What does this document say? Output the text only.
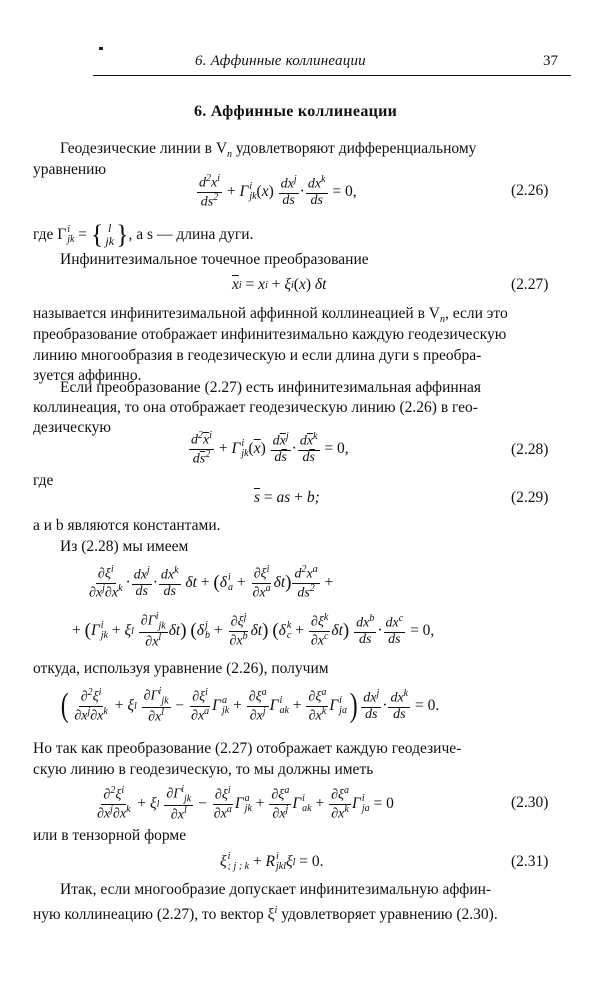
6. Аффинные коллинеации	37
6. Аффинные коллинеации
Геодезические линии в $V_n$ удовлетворяют дифференциальному
уравнению
$d^2x^i$
$ds^2 + \Gamma$ i
jk ( x )
$dx^j$
ds
· $dx^k$
ds
= 0,	(2.26)
где Γ i
jk = { l
jk } , а s — длина дуги.
Инфинитезимальное точечное преобразование
$\overline{x}$ i = x i + ξ i ( x ) δt	(2.27)
называется инфинитезимальной аффинной коллинеацией в $V_n$, если это
преобразование отображает инфинитезимально каждую геодезическую
линию многообразия в геодезическую и если длина дуги s преобра-
зуется аффинно.
Если преобразование (2.27) есть инфинитезимальная аффинная
коллинеация, то она отображает геодезическую линию (2.26) в гео-
дезическую
$d^2\overline{x}^i$
$d\overline{s}^2 + \Gamma$ i
jk ( $\overline{x}$ )
$d\overline{x}^j$
$d\overline{s}$
· $d\overline{x}^k$
$d\overline{s}$
= 0,	(2.28)
где
$\overline{s}$ = as + b;	(2.29)
a и b являются константами.
Из (2.28) мы имеем
$\partial\xi^i$
$\partial x^j\partial x^k \cdot dx^j$
ds
· $dx^k$
ds
δt + ( δ i
$a + \frac{\partial\xi^i}{\partial x^a}$ δt ) $d^2x^a$
$ds^2$ +
+ ( Γ i
jk + ξ l

$\partial\Gamma^i_{jk}$
$\partial x^l$ δt )
( δ j
$b + \frac{\partial\xi^j}{\partial x^b}$ δt )
( δ k
$c + \frac{\partial\xi^k}{\partial x^c}$ δt )
$dx^b$
ds
· $dx^c$
ds
= 0,
откуда, используя уравнение (2.26), получим
( $\partial^2\xi^i$
$\partial x^j\partial x^k + \xi$ l

$\partial\Gamma^i_{jk}$
$\partial x^l - \frac{\partial\xi^i}{\partial x^a}$ Γ a
jk + $\frac{\partial\xi^a}{\partial x^j}$ Γ i
ak + $\frac{\partial\xi^a}{\partial x^k}$ Γ i
ja ) $dx^j$
ds
· $dx^k$
ds
= 0.
Но так как преобразование (2.27) отображает каждую геодезиче-
скую линию в геодезическую, то мы должны иметь
$\partial^2\xi^i$
$\partial x^j\partial x^k + \xi$ l

$\partial\Gamma^i_{jk}$
$\partial x^l - \frac{\partial\xi^i}{\partial x^a}$ Γ a
jk + $\frac{\partial\xi^a}{\partial x^j}$ Γ i
ak + $\frac{\partial\xi^a}{\partial x^k}$ Γ i
ja = 0	(2.30)
или в тензорной форме
ξ i
; j ; k + R i
jkl ξ l = 0.	(2.31)
Итак, если многообразие допускает инфинитезимальную аффин-
ную коллинеацию (2.27), то вектор $\xi^i$ удовлетворяет уравнению (2.30).
